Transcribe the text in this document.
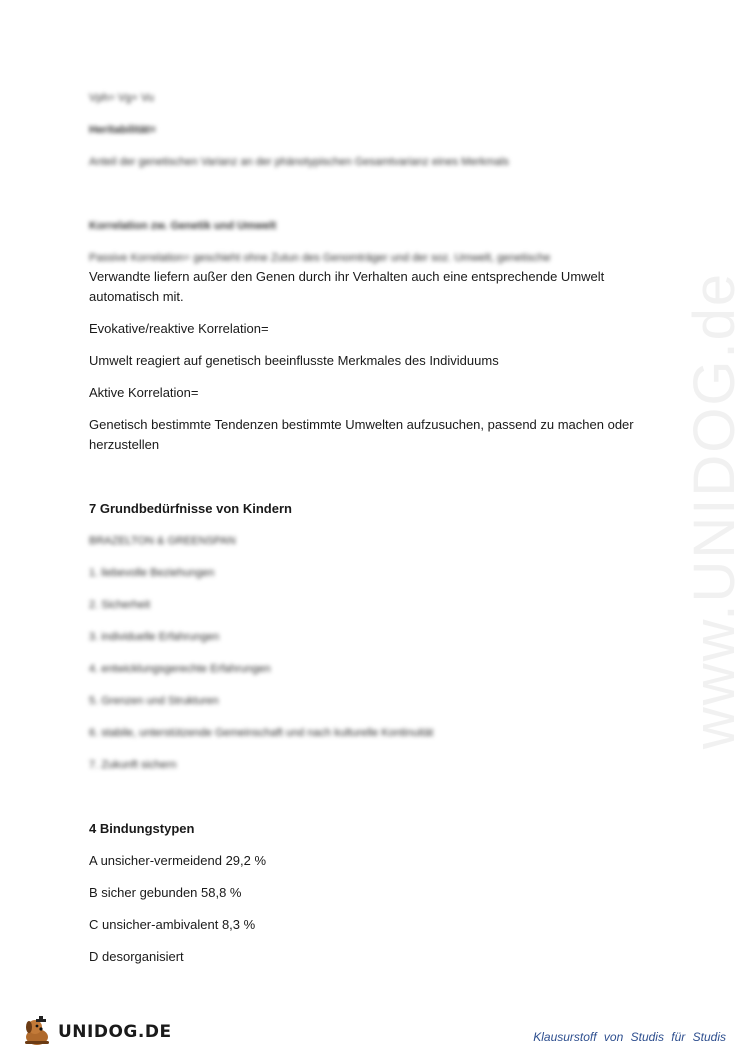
www.UNIDOG.de
Vph= Vg+ Vu
Heritabilität=
Anteil der genetischen Varianz an der phänotypischen Gesamtvarianz eines Merkmals
Korrelation zw. Genetik und Umwelt
Passive Korrelation= geschieht ohne Zutun des Genomträger und der soz. Umwelt, genetische
Verwandte liefern außer den Genen durch ihr Verhalten auch eine entsprechende Umwelt
automatisch mit.
Evokative/reaktive Korrelation=
Umwelt reagiert auf genetisch beeinflusste Merkmales des Individuums
Aktive Korrelation=
Genetisch bestimmte Tendenzen bestimmte Umwelten aufzusuchen, passend zu machen oder
herzustellen
7 Grundbedürfnisse von Kindern
BRAZELTON & GREENSPAN
1. liebevolle Beziehungen
2. Sicherheit
3. individuelle Erfahrungen
4. entwicklungsgerechte Erfahrungen
5. Grenzen und Strukturen
6. stabile, unterstützende Gemeinschaft und nach kulturelle Kontinuität
7. Zukunft sichern
4 Bindungstypen
A unsicher-vermeidend 29,2 %
B sicher gebunden 58,8 %
C unsicher-ambivalent 8,3 %
D desorganisiert
UNIDOG.DE	Klausurstoff von Studis für Studis
